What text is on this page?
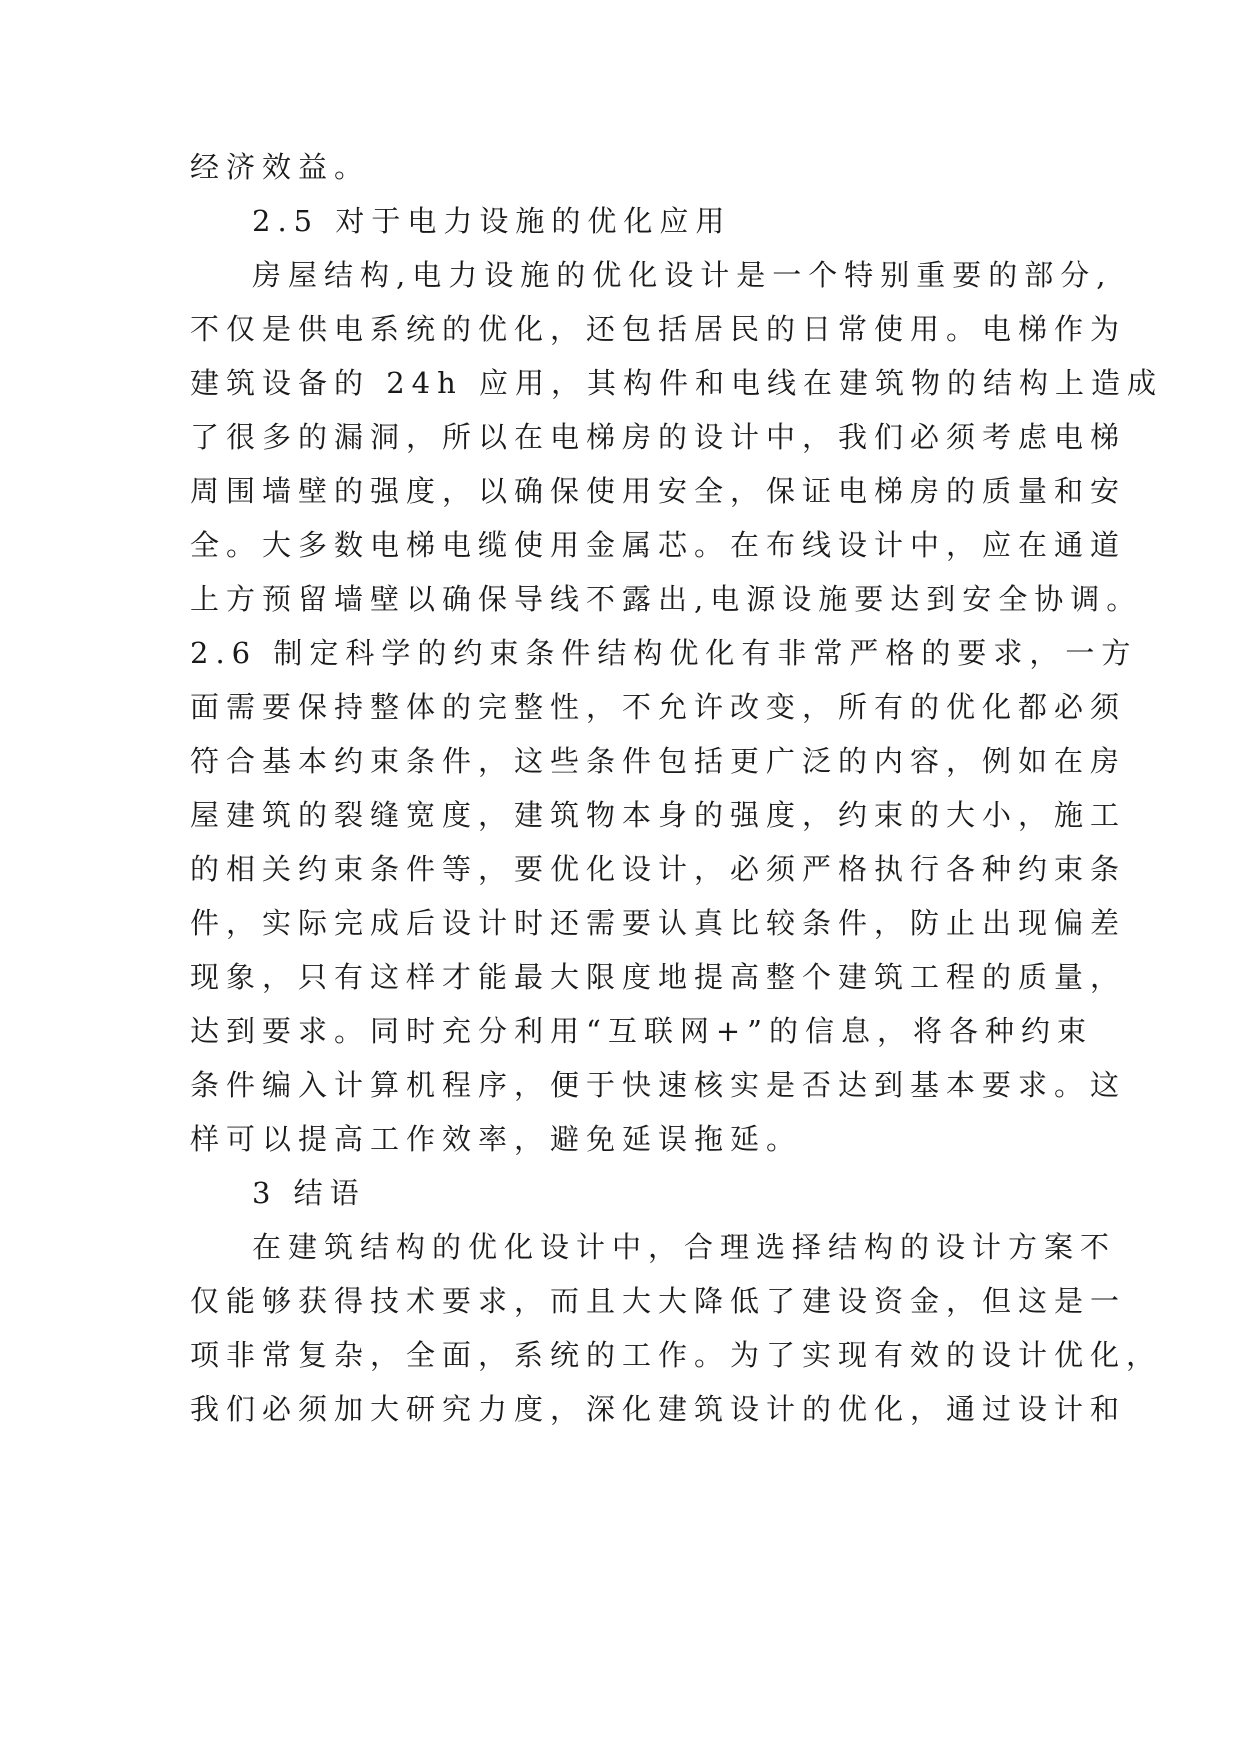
经济效益。

2.5 对于电力设施的优化应用

房屋结构,电力设施的优化设计是一个特别重要的部分,

不仅是供电系统的优化，还包括居民的日常使用。电梯作为

建筑设备的 24h 应用，其构件和电线在建筑物的结构上造成

了很多的漏洞，所以在电梯房的设计中，我们必须考虑电梯

周围墙壁的强度，以确保使用安全，保证电梯房的质量和安

全。大多数电梯电缆使用金属芯。在布线设计中，应在通道

上方预留墙壁以确保导线不露出,电源设施要达到安全协调。

2.6 制定科学的约束条件结构优化有非常严格的要求，一方

面需要保持整体的完整性，不允许改变，所有的优化都必须

符合基本约束条件，这些条件包括更广泛的内容，例如在房

屋建筑的裂缝宽度，建筑物本身的强度，约束的大小，施工

的相关约束条件等，要优化设计，必须严格执行各种约束条

件，实际完成后设计时还需要认真比较条件，防止出现偏差

现象，只有这样才能最大限度地提高整个建筑工程的质量，

达到要求。同时充分利用“互联网+”的信息，将各种约束

条件编入计算机程序，便于快速核实是否达到基本要求。这

样可以提高工作效率，避免延误拖延。

3 结语

在建筑结构的优化设计中，合理选择结构的设计方案不

仅能够获得技术要求，而且大大降低了建设资金，但这是一

项非常复杂，全面，系统的工作。为了实现有效的设计优化，

我们必须加大研究力度，深化建筑设计的优化，通过设计和
